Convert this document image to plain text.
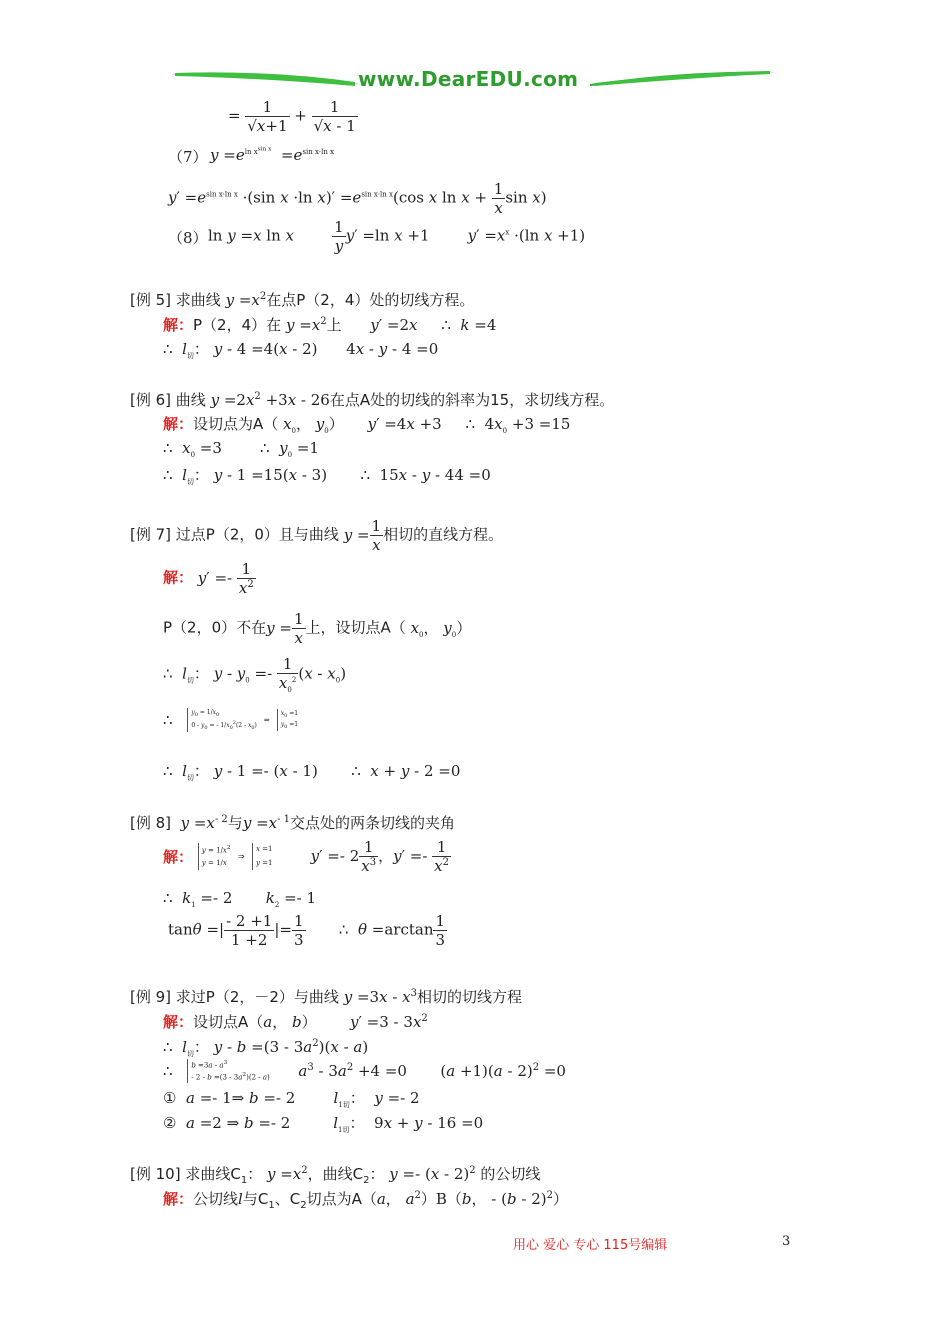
www.DearEDU.com
= $\frac{1}{√x+1} + \frac{1}{√x - 1}$
（7） $y =e^{ln x^{sin x}} =e^{sin x\cdot ln x}$
$y' =e^{sin x\cdot ln x} \cdot(\sin$ x ·ln $x)' =e^{sin x\cdot ln x}(\cos$ x $\ln x + \frac{1}{x}$ sin x)
（8） ln y =x ln x	$\frac{1}{y} y' =\ln$ x +1        $y' =x^x \cdot(\ln$ x +1)
[例 5] 求曲线 $y =x^2$在点P（2，4）处的切线方程。
解：P（2，4）在 $y =x^2$上 y′ =2x     ∴  k =4
∴  $l_切$： y - 4 =4(x - 2)      4x - y - 4 =0
[例 6] 曲线 $y =2x^2 +3x - 26$在点A处的切线的斜率为15，求切线方程。
解：设切点为A（ $x_0$， $y_0$）     y′ =4x +3     ∴  $4x_0 +3 =15$
∴  $x_0 =3$        ∴  $y_0 =1$
∴  $l_切$： y - 1 =15(x - 3)       ∴  15x - y - 44 =0
[例 7] 过点P（2，0）且与曲线 $y = \frac{1}{x}$ 相切的直线方程。
解： $y' =- \frac{1}{x^2}$
P（2，0）不在$y = \frac{1}{x}$ 上，设切点A（ $x_0$， $y_0$）
∴  $l_切$： $y - y_0 =- \frac{1}{x_0^2} (x - x_0)$
∴	$y_0 = 1/x_0$
$0 - y_0$ = - $1/x_0^2(2 - x_0)$  ⇒  $x_0 =1$
$y_0 =1$
∴  $l_切$： y - 1 =- (x - 1)       ∴  x + y - 2 =0
[例 8] $y =x^{- 2}$与$y =x^{- 1}$交点处的两条切线的夹角
解： $y = 1/x^2$
y = 1/x  ⇒  x =1
y =1	$y' =- 2 \frac{1}{x^3}$ ，$y' =- \frac{1}{x^2}$
∴  $k_1 =- 2$       $k_2 =- 1$
tanθ =| $\frac{- 2 +1}{1 +2}$ |= $\frac{1}{3}$ ∴  $\theta =\arctan \frac{1}{3}$
[例 9] 求过P（2，－2）与曲线 $y =3x - x^3$相切的切线方程
解：设切点A（a， b）       $y' =3 - 3x^2$
∴  $l_切$： $y - b =(3 - 3a^2)(x - a)$
∴	$b =3a - a^3$
- $2 - b =(3 - 3a^2)(2 - a)$      $a^3 - 3a^2 +4 =0$       (a +1)(a - 2)$^2$ =0
① a =- 1⇒ b =- 2        $l_{1切}$：  y =- 2
② a =2 ⇒ b =- 2         $l_{1切}$：  9x + y - 16 =0
[例 10] 求曲线$C_1$： $y =x^2$，曲线$C_2$： y =- (x - 2)$^2$ 的公切线
解：公切线l与$C_1$、$C_2$切点为A（a， $a^2)B(b$， - (b - 2)$^2$）
用心 爱心 专心 115号编辑	3
